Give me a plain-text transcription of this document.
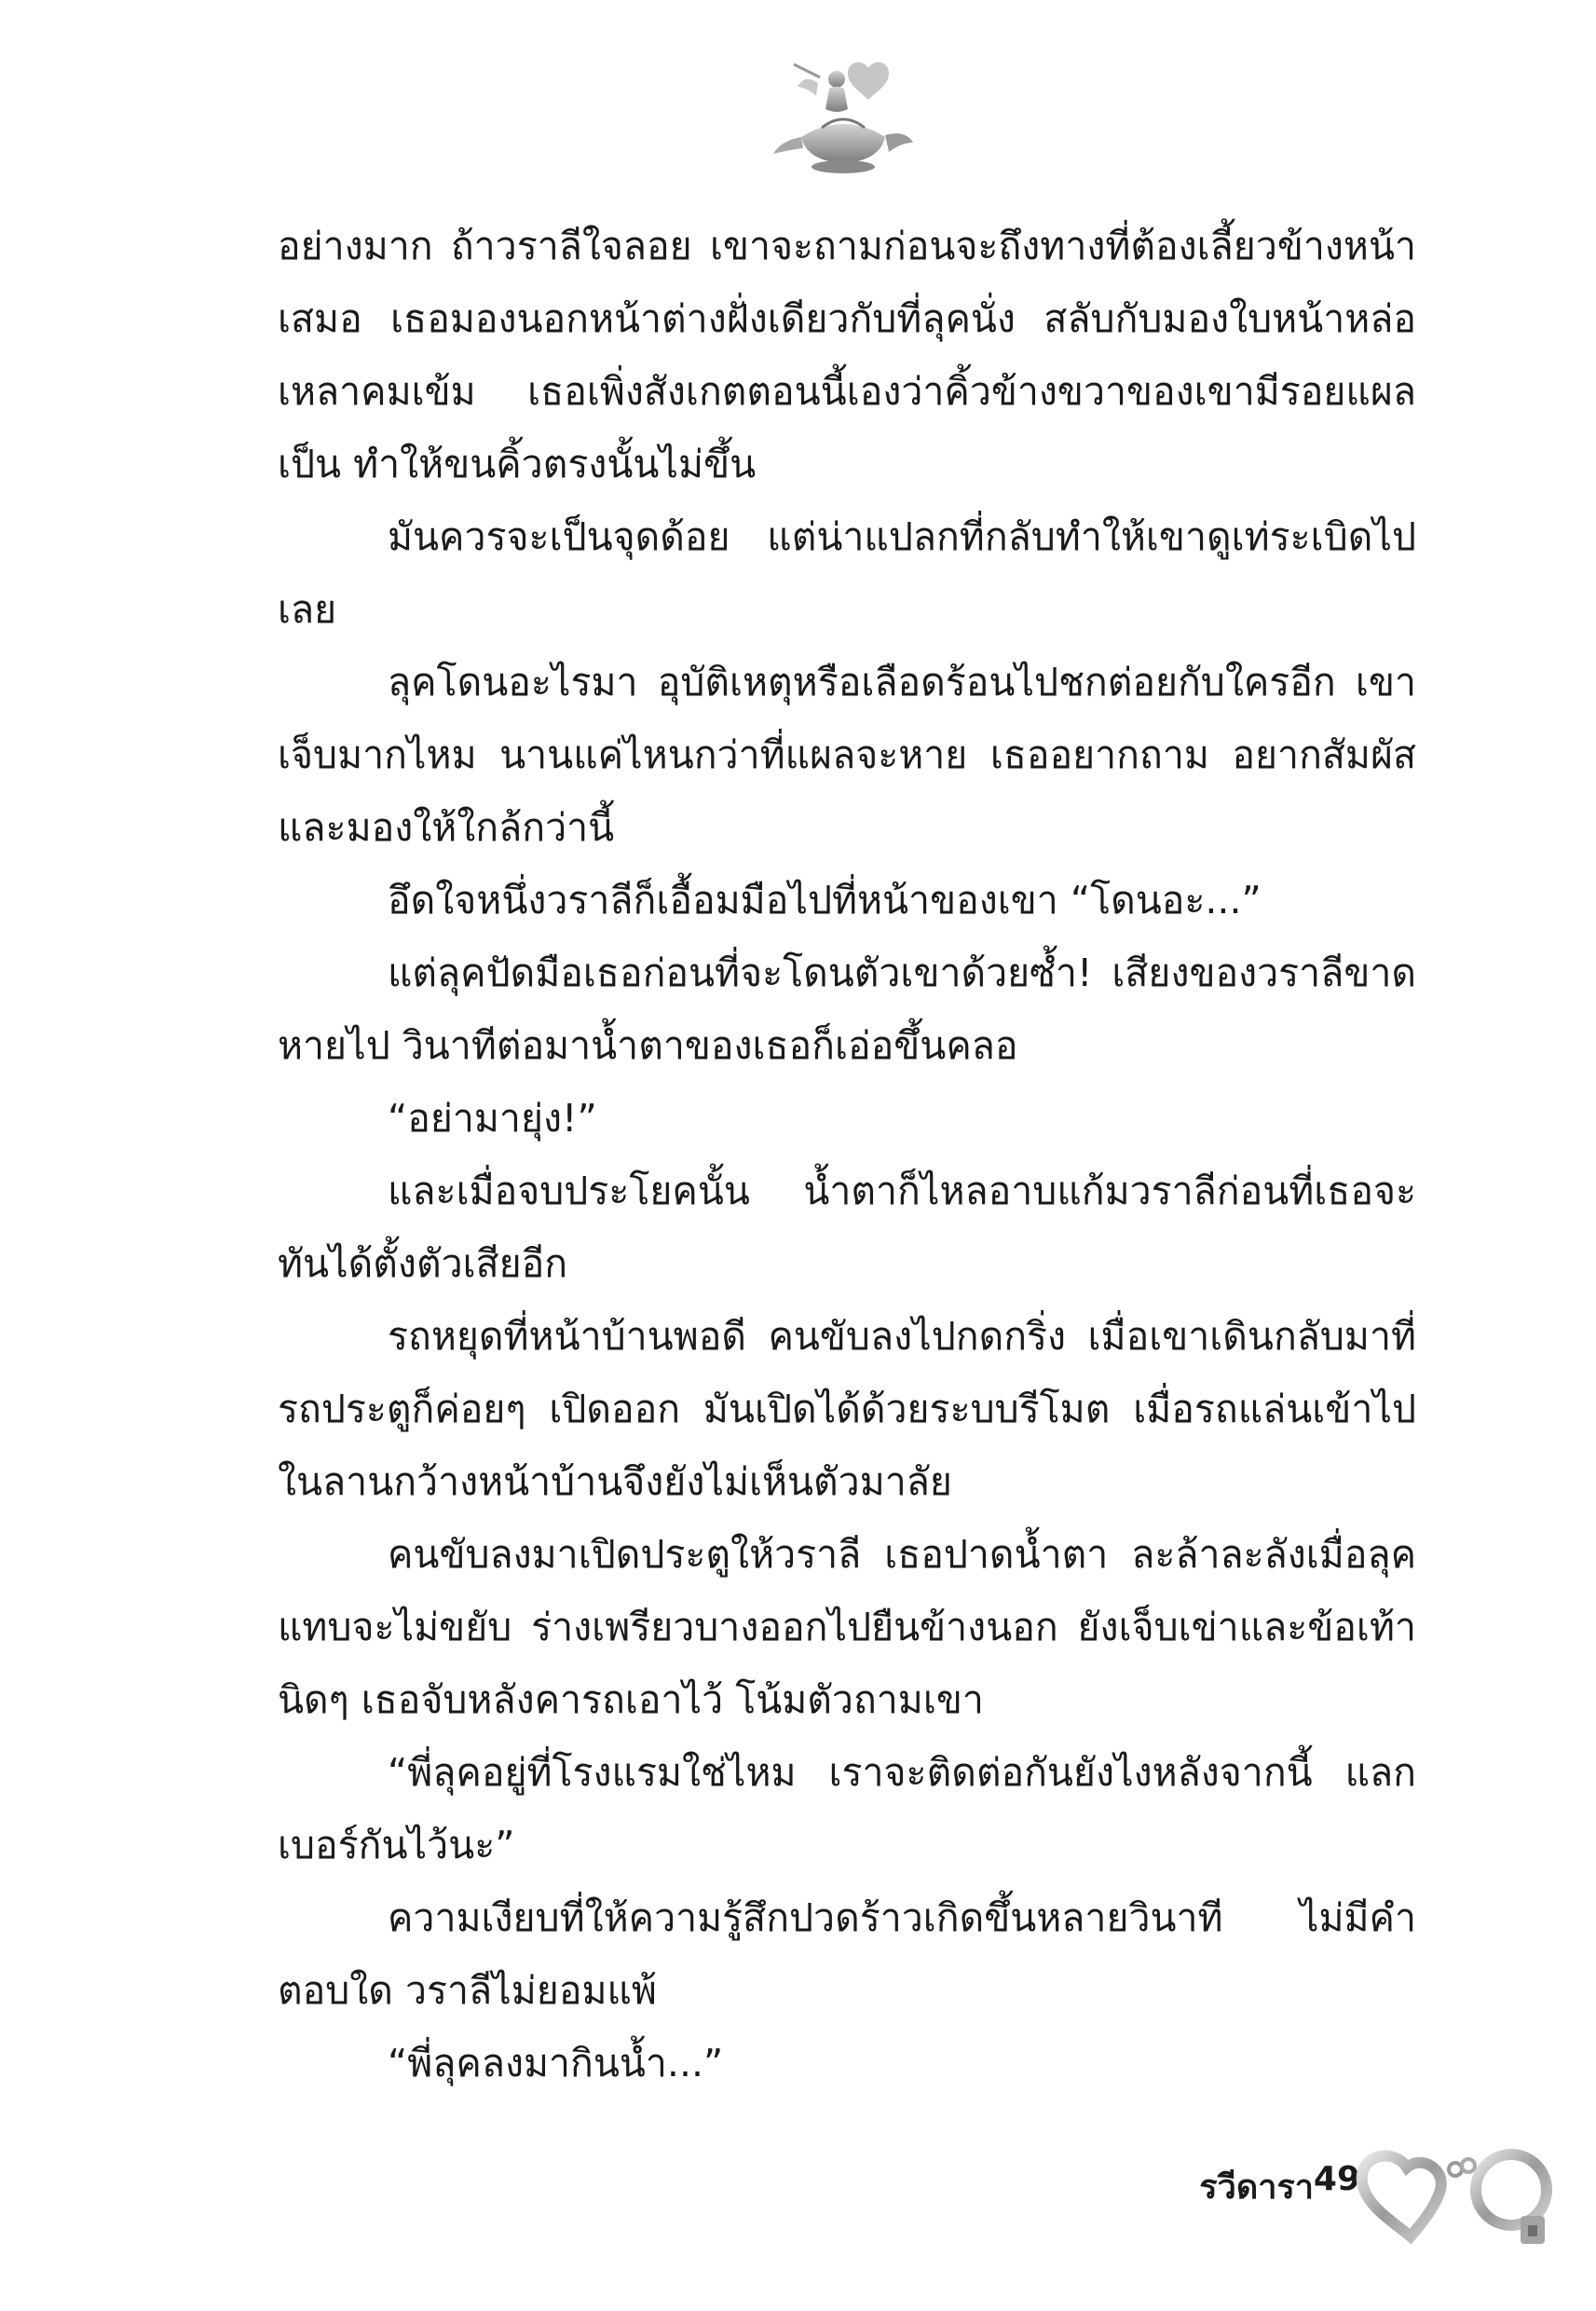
อย่างมาก ถ้าวราลีใจลอย เขาจะถามก่อนจะถึงทางที่ต้องเลี้ยวข้างหน้าเสมอ เธอมองนอกหน้าต่างฝั่งเดียวกับที่ลุคนั่ง สลับกับมองใบหน้าหล่อเหลาคมเข้ม เธอเพิ่งสังเกตตอนนี้เองว่าคิ้วข้างขวาของเขามีรอยแผลเป็น ทำให้ขนคิ้วตรงนั้นไม่ขึ้น

มันควรจะเป็นจุดด้อย แต่น่าแปลกที่กลับทำให้เขาดูเท่ระเบิดไปเลย

ลุคโดนอะไรมา อุบัติเหตุหรือเลือดร้อนไปชกต่อยกับใครอีก เขาเจ็บมากไหม นานแค่ไหนกว่าที่แผลจะหาย เธออยากถาม อยากสัมผัสและมองให้ใกล้กว่านี้

อึดใจหนึ่งวราลีก็เอื้อมมือไปที่หน้าของเขา “โดนอะ...”

แต่ลุคปัดมือเธอก่อนที่จะโดนตัวเขาด้วยซ้ำ! เสียงของวราลีขาดหายไป วินาทีต่อมาน้ำตาของเธอก็เอ่อขึ้นคลอ

“อย่ามายุ่ง!”

และเมื่อจบประโยคนั้น น้ำตาก็ไหลอาบแก้มวราลีก่อนที่เธอจะทันได้ตั้งตัวเสียอีก

รถหยุดที่หน้าบ้านพอดี คนขับลงไปกดกริ่ง เมื่อเขาเดินกลับมาที่รถประตูก็ค่อยๆ เปิดออก มันเปิดได้ด้วยระบบรีโมต เมื่อรถแล่นเข้าไปในลานกว้างหน้าบ้านจึงยังไม่เห็นตัวมาลัย

คนขับลงมาเปิดประตูให้วราลี เธอปาดน้ำตา ละล้าละลังเมื่อลุคแทบจะไม่ขยับ ร่างเพรียวบางออกไปยืนข้างนอก ยังเจ็บเข่าและข้อเท้านิดๆ เธอจับหลังคารถเอาไว้ โน้มตัวถามเขา

“พี่ลุคอยู่ที่โรงแรมใช่ไหม เราจะติดต่อกันยังไงหลังจากนี้ แลกเบอร์กันไว้นะ”

ความเงียบที่ให้ความรู้สึกปวดร้าวเกิดขึ้นหลายวินาที ไม่มีคำตอบใด วราลีไม่ยอมแพ้

“พี่ลุคลงมากินน้ำ...”

รวีดารา 49
